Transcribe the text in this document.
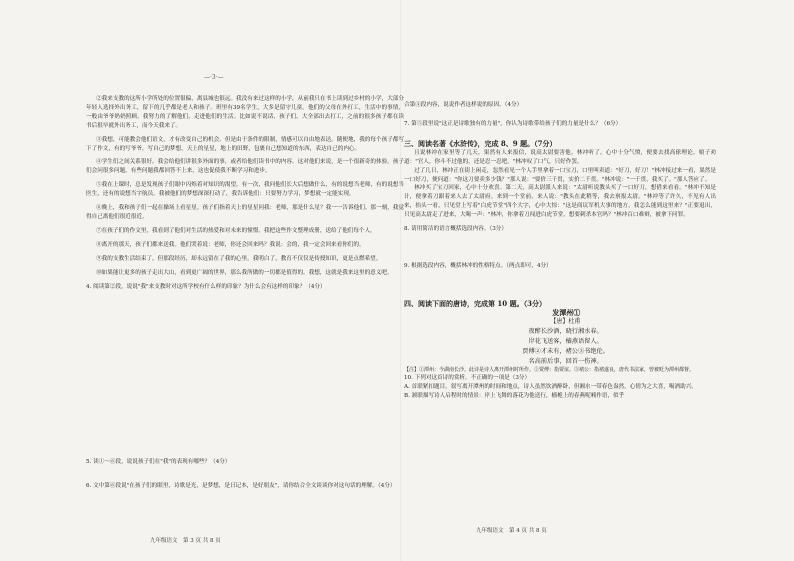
—·3·—

②我来支教的这所小学所处的位置很偏，离县城也很远。我没有来过这样的小学，从前我只在书上读到过乡村的小学，大部分年轻人选择外出务工，留下的几乎都是老人和孩子。班里有39名学生，大多是留守儿童。他们的父母在外打工，生活中的事情，一般由爷爷奶奶照顾。我努力的了解他们，走进他们的生活。比如说不说话、孩子们，大全部出去打工，之前的很多孩子都在读书后很早就外出务工，而今天我来了。

③我想，可能教会他们语文，才有改变自己的机会。但是由于条件的限制，情感可以自由地表达。随便地，我的每个孩子都写下了作文，有的写爷爷，写自己的梦想，天上的星星，地上的田野，包裹自己想知道的东西，表达自己的内心。

④学生们之间关系很好。我会给他们讲很多外面的事，或者给他们读书中的内容。这对他们来说，是一个很新奇的体验。孩子们会问很多问题，有些问题我都回答不上来，这也促使我不断学习和进步。

⑤我在上课时，总是发现孩子们眼中闪烁着对知识的渴望。有一次，我问他们长大后想做什么，有的说想当老师，有的说想当医生，还有的说想当宇航员。我被他们的梦想深深打动了，我告诉他们：只要努力学习，梦想就一定能实现。

⑥晚上，我和孩子们一起在操场上看星星。孩子们指着天上的星星问我：老师，那是什么星？我一一告诉他们。那一刻，我觉得自己离他们很近很近。

⑦在孩子们的作文里，我看到了他们对生活的热爱和对未来的憧憬。我把这些作文整理成册，送给了他们每个人。

⑧离开的那天，孩子们都来送我。他们哭着说：老师，你还会回来吗？我说：会的，我一定会回来看你们的。

⑨我的支教生活结束了，但那段经历，却永远留在了我的心里。我明白了，教育不仅仅是传授知识，更是点燃希望。

⑩如果能让更多的孩子走出大山，看到更广阔的世界，那么我所做的一切都是值得的。我想，这就是我来这里的意义吧。

4. 阅读第②段，说说"我"来支教时对这所学校有什么样的印象？为什么会有这样的印象？（4分）

5. 读①～⑥段，说说孩子们在"我"的表现有哪些？（4分）

6. 文中第⑥段说"在孩子们的眼里，诗歌是光，是梦想，是日记本，是好朋友"，请你结合全文谈谈你对这句话的理解。（4分）

九年级语文　第 3 页 共 8 页

合第④段内容，说说作者这样说的原因。（4分）

7. 第⑤段里说"这正是诗歌独有的力量"，你认为诗歌带给孩子们的力量是什么？（6分）

三、阅读名著《水浒传》，完成 8、9 题。（7分）

且说林冲在家里等了几天，果然有人来报信，说高太尉要害他。林冲听了，心中十分气愤，便要去找高俅理论。娘子劝道："官人，你斗不过他的，还是忍一忍吧。"林冲叹了口气，只好作罢。

过了几日，林冲正在街上闲走，忽然看见一个人手里拿着一口宝刀，口里叫卖道："好刀，好刀！"林冲接过来一看，果然是一口好刀，便问道："你这刀要卖多少钱？"那人说："要价三千贯，实价二千贯。"林冲说："一千贯，我买了。"那人答应了。

林冲买了宝刀回家，心中十分欢喜。第二天，高太尉派人来说："太尉听说教头买了一口好刀，想借来看看。"林冲不知是计，便拿着刀跟着来人去了太尉府。来到一个堂前，来人说："教头在此稍等，我去禀报太尉。"林冲等了许久，不见有人出来，抬头一看，只见堂上写着"白虎节堂"四个大字，心中大惊："这是商议军机大事的地方，我怎么能到这里来？"正要退出，只见高太尉走了进来，大喝一声："林冲，你拿着刀闯进白虎节堂，想要刺杀本官吗？"林冲百口难辩，被拿下问罪。

8. 请用简洁的语言概括选段内容。（3分）

9. 根据选段内容，概括林冲的性格特点。（两点即可，4分）

四、阅读下面的唐诗，完成第 10 题。（3分）

发潭州①

【唐】杜甫

夜醉长沙酒，晓行湘水春。

岸花飞送客，樯燕语留人。

贾傅②才未有，褚公③书绝伦。

名高前后事，回首一伤神。

【注】①潭州：今湖南长沙。此诗是诗人离开潭州时所作。②贾傅：指贾谊。③褚公：指褚遂良，唐代书法家，曾被贬为潭州都督。

10. 下列对这首诗的赏析，不正确的一项是（3分）

A. 首联紧扣题目，叙写离开潭州的时间和地点，诗人虽然饮酒醉卧，但湘水一带春色盎然，心情为之大喜，喝酒助兴。

B. 颔联描写诗人启程时的情景：岸上飞舞的落花为他送行，樯桅上的春燕呢喃作语，似乎

九年级语文　第 4 页 共 8 页
